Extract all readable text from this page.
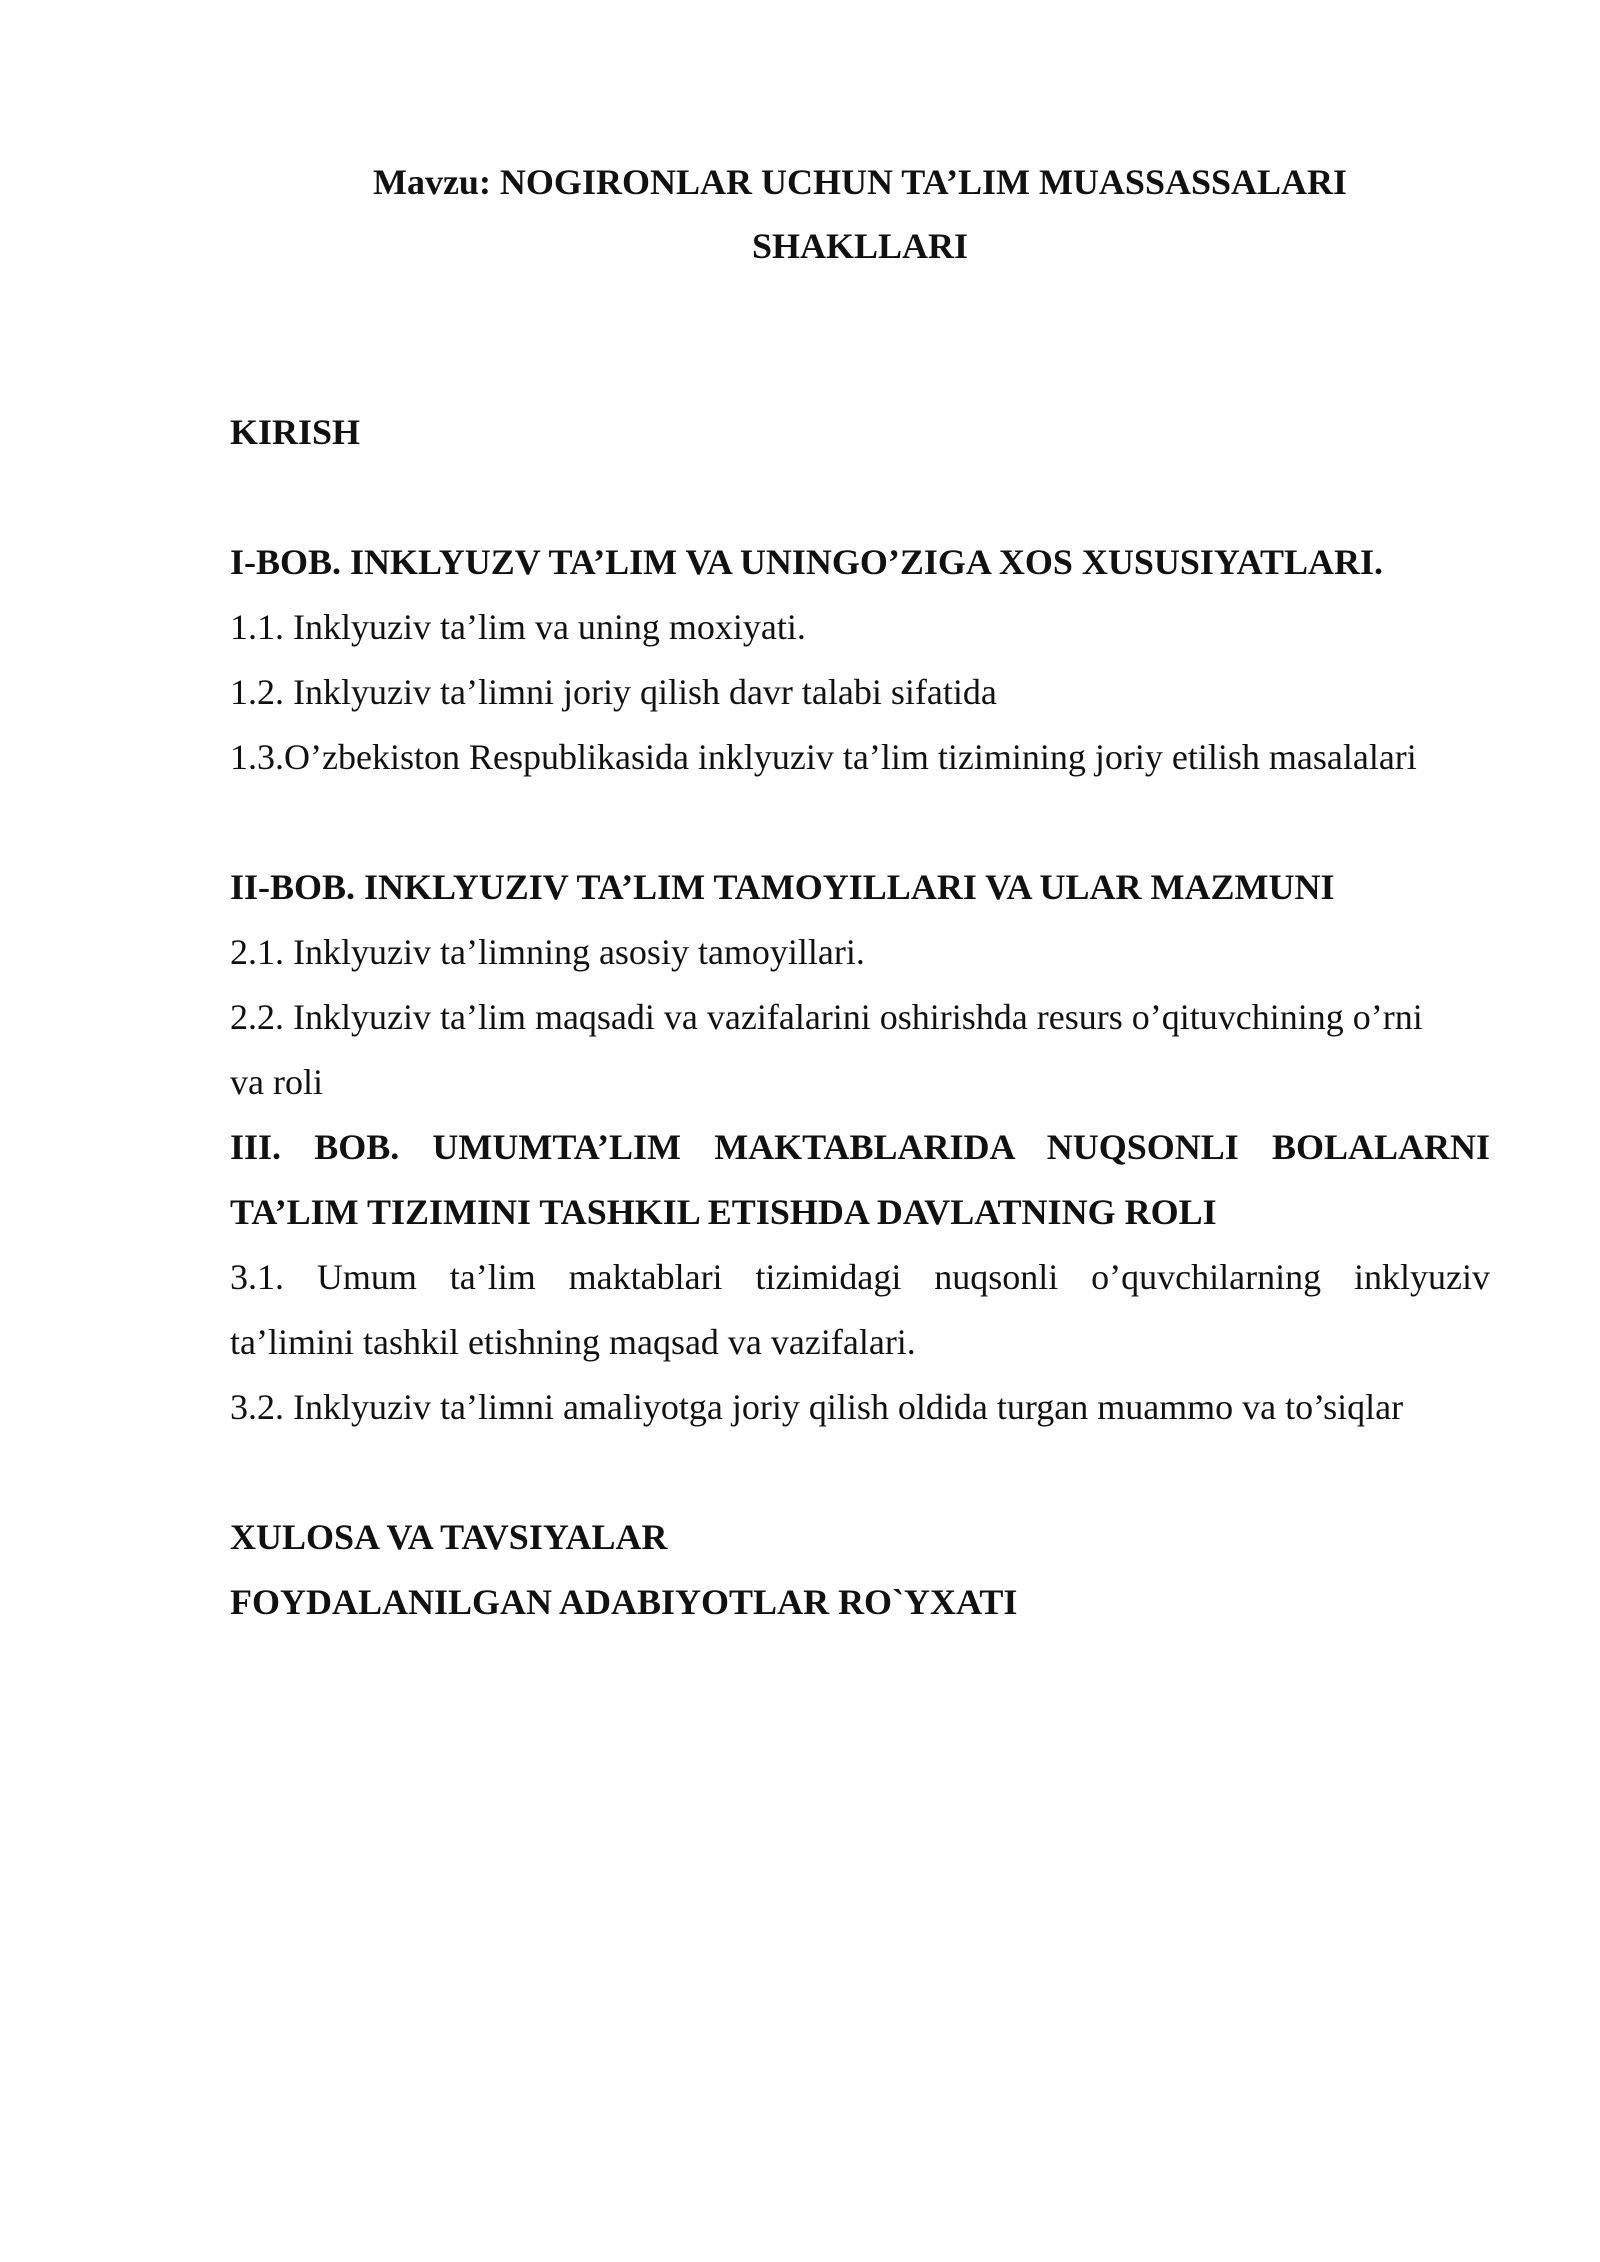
Mavzu: NOGIRONLAR UCHUN TA’LIM MUASSASSALARI
SHAKLLARI
KIRISH
I-BOB. INKLYUZV TA’LIM VA UNINGO’ZIGA XOS XUSUSIYATLARI.
1.1. Inklyuziv ta’lim va uning moxiyati.
1.2. Inklyuziv ta’limni joriy qilish davr talabi sifatida
1.3.O’zbekiston Respublikasida inklyuziv ta’lim tizimining joriy etilish masalalari
II-BOB. INKLYUZIV TA’LIM TAMOYILLARI VA ULAR MAZMUNI
2.1. Inklyuziv ta’limning asosiy tamoyillari.
2.2. Inklyuziv ta’lim maqsadi va vazifalarini oshirishda resurs o’qituvchining o’rni
va roli
III. BOB. UMUMTA’LIM MAKTABLARIDA NUQSONLI BOLALARNI
TA’LIM TIZIMINI TASHKIL ETISHDA DAVLATNING ROLI
3.1. Umum ta’lim maktablari tizimidagi nuqsonli o’quvchilarning inklyuziv
ta’limini tashkil etishning maqsad va vazifalari.
3.2. Inklyuziv ta’limni amaliyotga joriy qilish oldida turgan muammo va to’siqlar
XULOSA VA TAVSIYALAR
FOYDALANILGAN ADABIYOTLAR RO`YXATI
